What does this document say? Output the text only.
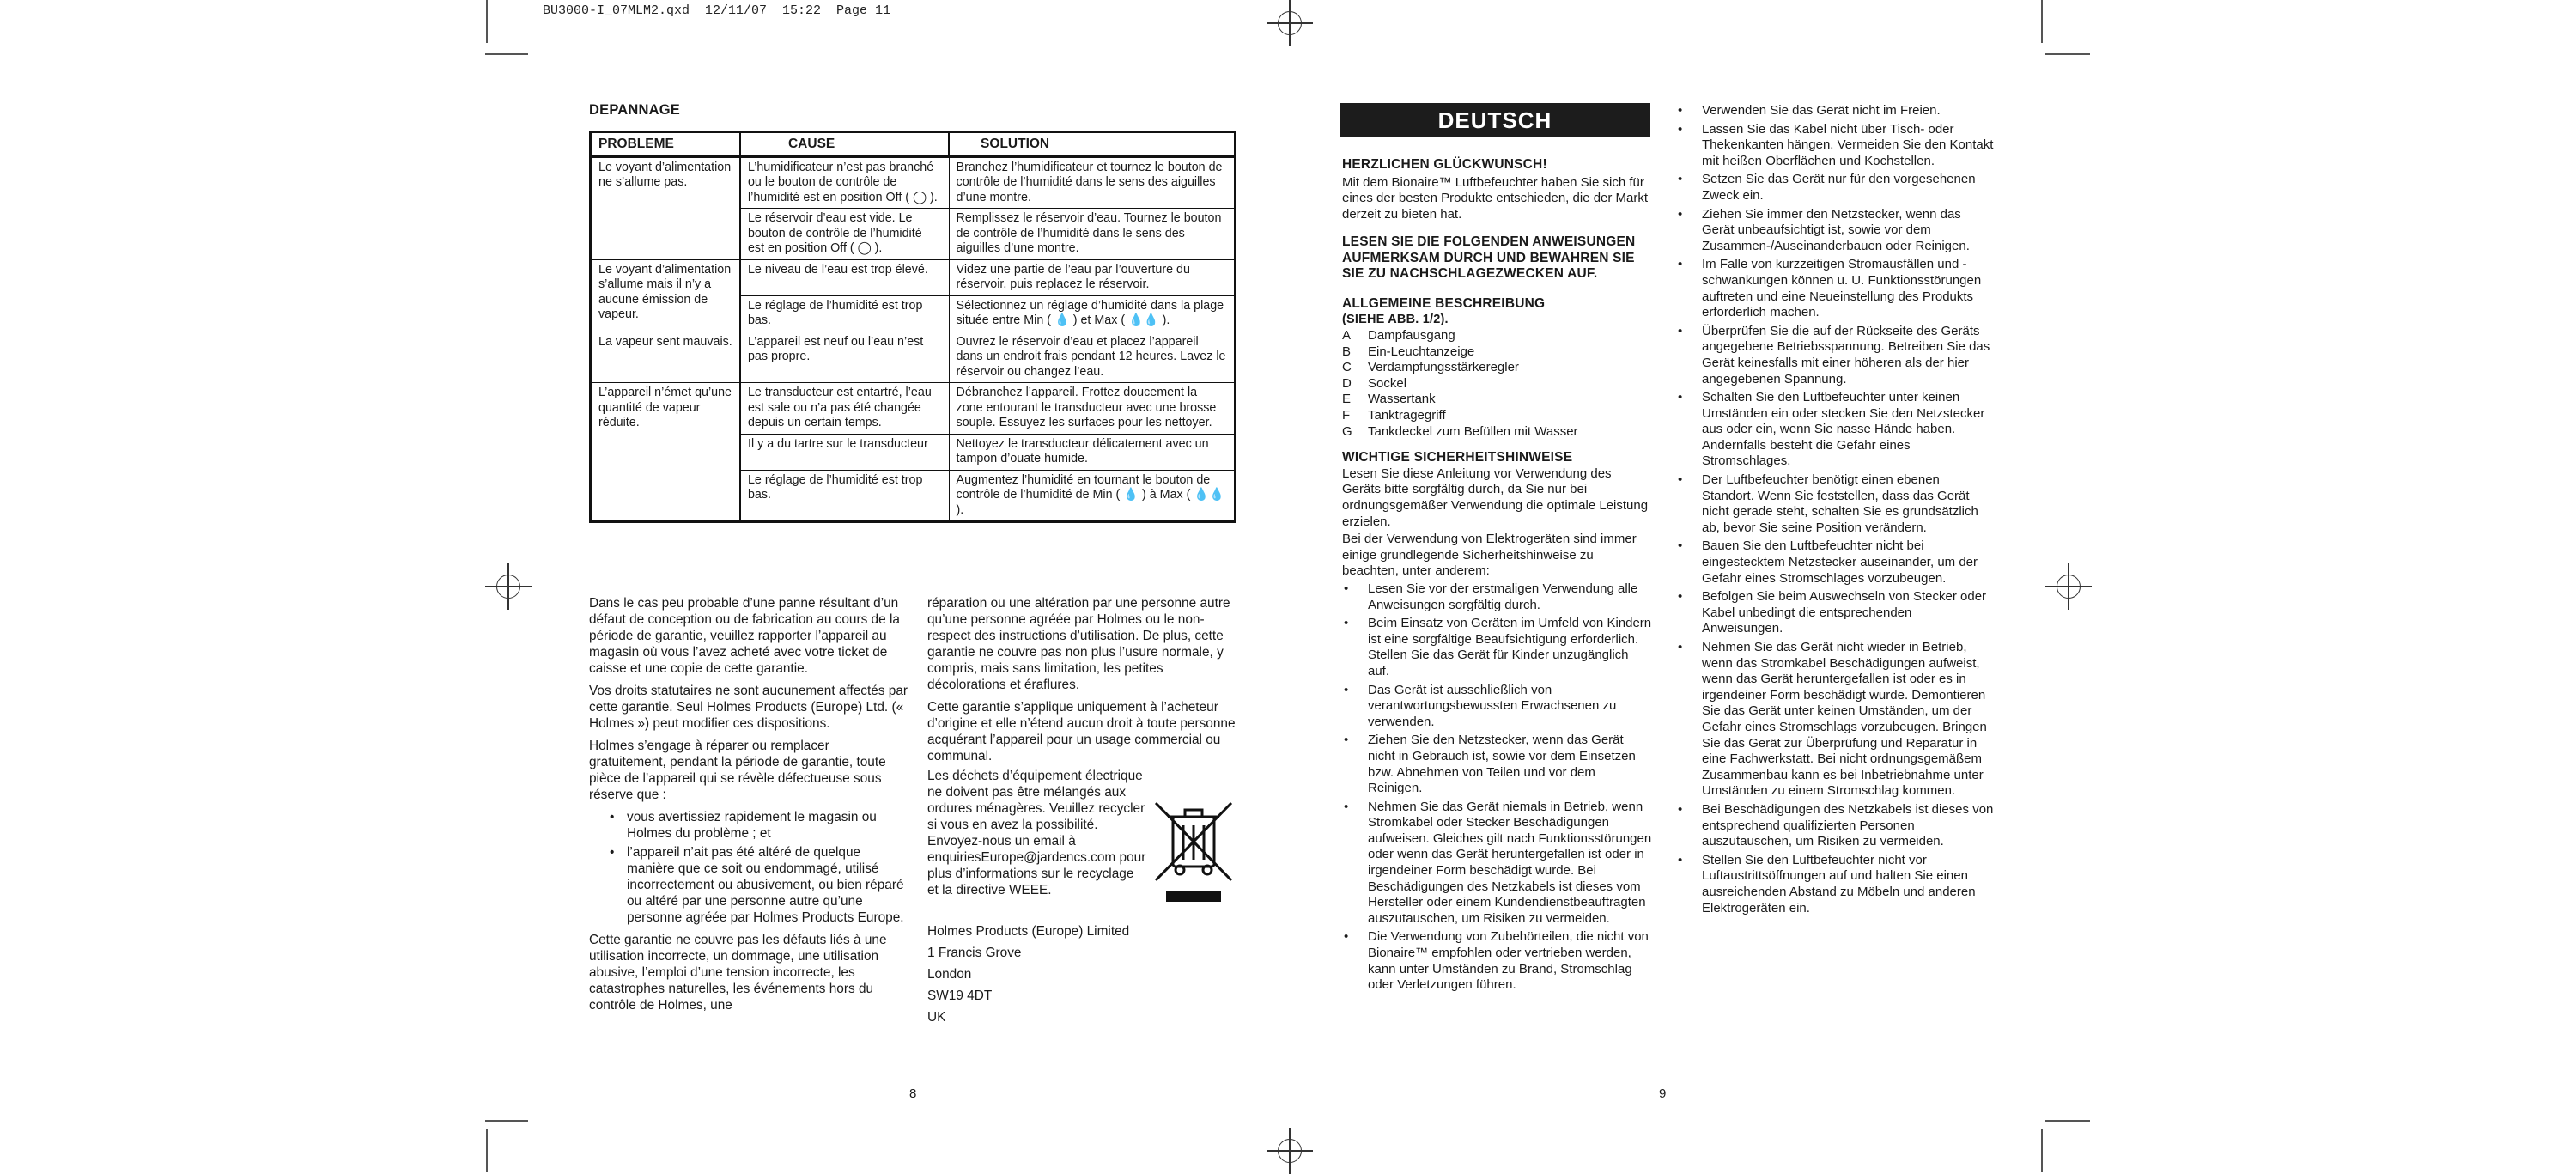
BU3000-I_07MLM2.qxd  12/11/07  15:22  Page 11
DEPANNAGE
PROBLEME	CAUSE	SOLUTION
Le voyant d’alimentation ne s’allume pas.	L’humidificateur n’est pas branché ou le bouton de contrôle de l’humidité est en position Off ( ◯ ).	Branchez l’humidificateur et tournez le bouton de contrôle de l’humidité dans le sens des aiguilles d’une montre.
	Le réservoir d’eau est vide. Le bouton de contrôle de l’humidité est en position Off ( ◯ ).	Remplissez le réservoir d’eau. Tournez le bouton de contrôle de l’humidité dans le sens des aiguilles d’une montre.
Le voyant d’alimentation s’allume mais il n’y a aucune émission de vapeur.	Le niveau de l’eau est trop élevé.	Videz une partie de l’eau par l’ouverture du réservoir, puis replacez le réservoir.
	Le réglage de l’humidité est trop bas.	Sélectionnez un réglage d’humidité dans la plage située entre Min ( 💧 ) et Max ( 💧💧 ).
La vapeur sent mauvais.	L’appareil est neuf ou l’eau n’est pas propre.	Ouvrez le réservoir d’eau et placez l’appareil dans un endroit frais pendant 12 heures. Lavez le réservoir ou changez l’eau.
L’appareil n’émet qu’une quantité de vapeur réduite.	Le transducteur est entartré, l’eau est sale ou n’a pas été changée depuis un certain temps.	Débranchez l’appareil. Frottez doucement la zone entourant le transducteur avec une brosse souple. Essuyez les surfaces pour les nettoyer.
	Il y a du tartre sur le transducteur	Nettoyez le transducteur délicatement avec un tampon d’ouate humide.
	Le réglage de l’humidité est trop bas.	Augmentez l’humidité en tournant le bouton de contrôle de l’humidité de Min ( 💧 ) à Max ( 💧💧 ).

Dans le cas peu probable d’une panne résultant d’un défaut de conception ou de fabrication au cours de la période de garantie, veuillez rapporter l’appareil au magasin où vous l’avez acheté avec votre ticket de caisse et une copie de cette garantie.

Vos droits statutaires ne sont aucunement affectés par cette garantie. Seul Holmes Products (Europe) Ltd. (« Holmes ») peut modifier ces dispositions.

Holmes s’engage à réparer ou remplacer gratuitement, pendant la période de garantie, toute pièce de l’appareil qui se révèle défectueuse sous réserve que :

• vous avertissiez rapidement le magasin ou Holmes du problème ; et
• l’appareil n’ait pas été altéré de quelque manière que ce soit ou endommagé, utilisé incorrectement ou abusivement, ou bien réparé ou altéré par une personne autre qu’une personne agréée par Holmes Products Europe.

Cette garantie ne couvre pas les défauts liés à une utilisation incorrecte, un dommage, une utilisation abusive, l’emploi d’une tension incorrecte, les catastrophes naturelles, les événements hors du contrôle de Holmes, une

réparation ou une altération par une personne autre qu’une personne agréée par Holmes ou le non-respect des instructions d’utilisation. De plus, cette garantie ne couvre pas non plus l’usure normale, y compris, mais sans limitation, les petites décolorations et éraflures.

Cette garantie s’applique uniquement à l’acheteur d’origine et elle n’étend aucun droit à toute personne acquérant l’appareil pour un usage commercial ou communal.

Les déchets d’équipement électrique ne doivent pas être mélangés aux ordures ménagères. Veuillez recycler si vous en avez la possibilité. Envoyez-nous un email à enquiriesEurope@jardencs.com pour plus d’informations sur le recyclage et la directive WEEE.
Holmes Products (Europe) Limited
1 Francis Grove
London
SW19 4DT
UK
8
DEUTSCH
HERZLICHEN GLÜCKWUNSCH!

Mit dem Bionaire™ Luftbefeuchter haben Sie sich für eines der besten Produkte entschieden, die der Markt derzeit zu bieten hat.

LESEN SIE DIE FOLGENDEN ANWEISUNGEN AUFMERKSAM DURCH UND BEWAHREN SIE SIE ZU NACHSCHLAGEZWECKEN AUF.
ALLGEMEINE BESCHREIBUNG
(SIEHE ABB. 1/2).
A	Dampfausgang
B	Ein-Leuchtanzeige
C	Verdampfungsstärkeregler
D	Sockel
E	Wassertank
F	Tanktragegriff
G	Tankdeckel zum Befüllen mit Wasser
WICHTIGE SICHERHEITSHINWEISE

Lesen Sie diese Anleitung vor Verwendung des Geräts bitte sorgfältig durch, da Sie nur bei ordnungsgemäßer Verwendung die optimale Leistung erzielen.

Bei der Verwendung von Elektrogeräten sind immer einige grundlegende Sicherheitshinweise zu beachten, unter anderem:

• Lesen Sie vor der erstmaligen Verwendung alle Anweisungen sorgfältig durch.
• Beim Einsatz von Geräten im Umfeld von Kindern ist eine sorgfältige Beaufsichtigung erforderlich. Stellen Sie das Gerät für Kinder unzugänglich auf.
• Das Gerät ist ausschließlich von verantwortungsbewussten Erwachsenen zu verwenden.
• Ziehen Sie den Netzstecker, wenn das Gerät nicht in Gebrauch ist, sowie vor dem Einsetzen bzw. Abnehmen von Teilen und vor dem Reinigen.
• Nehmen Sie das Gerät niemals in Betrieb, wenn Stromkabel oder Stecker Beschädigungen aufweisen. Gleiches gilt nach Funktionsstörungen oder wenn das Gerät heruntergefallen ist oder in irgendeiner Form beschädigt wurde. Bei Beschädigungen des Netzkabels ist dieses vom Hersteller oder einem Kundendienstbeauftragten auszutauschen, um Risiken zu vermeiden.
• Die Verwendung von Zubehörteilen, die nicht von Bionaire™ empfohlen oder vertrieben werden, kann unter Umständen zu Brand, Stromschlag oder Verletzungen führen.
• Verwenden Sie das Gerät nicht im Freien.
• Lassen Sie das Kabel nicht über Tisch- oder Thekenkanten hängen. Vermeiden Sie den Kontakt mit heißen Oberflächen und Kochstellen.
• Setzen Sie das Gerät nur für den vorgesehenen Zweck ein.
• Ziehen Sie immer den Netzstecker, wenn das Gerät unbeaufsichtigt ist, sowie vor dem Zusammen-/Auseinanderbauen oder Reinigen.
• Im Falle von kurzzeitigen Stromausfällen und -schwankungen können u. U. Funktionsstörungen auftreten und eine Neueinstellung des Produkts erforderlich machen.
• Überprüfen Sie die auf der Rückseite des Geräts angegebene Betriebsspannung. Betreiben Sie das Gerät keinesfalls mit einer höheren als der hier angegebenen Spannung.
• Schalten Sie den Luftbefeuchter unter keinen Umständen ein oder stecken Sie den Netzstecker aus oder ein, wenn Sie nasse Hände haben. Andernfalls besteht die Gefahr eines Stromschlages.
• Der Luftbefeuchter benötigt einen ebenen Standort. Wenn Sie feststellen, dass das Gerät nicht gerade steht, schalten Sie es grundsätzlich ab, bevor Sie seine Position verändern.
• Bauen Sie den Luftbefeuchter nicht bei eingestecktem Netzstecker auseinander, um der Gefahr eines Stromschlages vorzubeugen.
• Befolgen Sie beim Auswechseln von Stecker oder Kabel unbedingt die entsprechenden Anweisungen.
• Nehmen Sie das Gerät nicht wieder in Betrieb, wenn das Stromkabel Beschädigungen aufweist, wenn das Gerät heruntergefallen ist oder es in irgendeiner Form beschädigt wurde. Demontieren Sie das Gerät unter keinen Umständen, um der Gefahr eines Stromschlags vorzubeugen. Bringen Sie das Gerät zur Überprüfung und Reparatur in eine Fachwerkstatt. Bei nicht ordnungsgemäßem Zusammenbau kann es bei Inbetriebnahme unter Umständen zu einem Stromschlag kommen.
• Bei Beschädigungen des Netzkabels ist dieses von entsprechend qualifizierten Personen auszutauschen, um Risiken zu vermeiden.
• Stellen Sie den Luftbefeuchter nicht vor Luftaustrittsöffnungen auf und halten Sie einen ausreichenden Abstand zu Möbeln und anderen Elektrogeräten ein.
9
